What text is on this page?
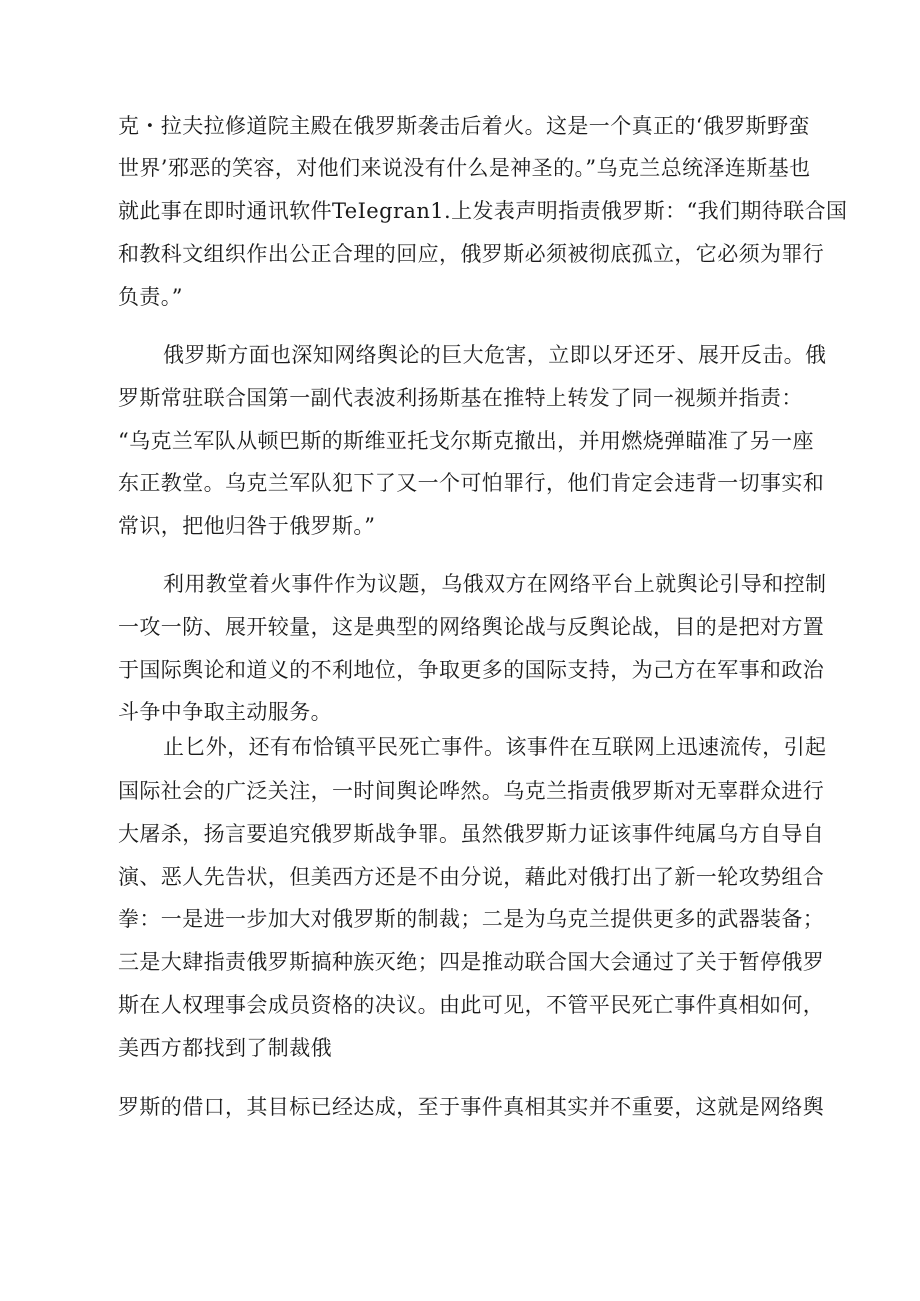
克・拉夫拉修道院主殿在俄罗斯袭击后着火。这是一个真正的‘俄罗斯野蛮
世界’邪恶的笑容，对他们来说没有什么是神圣的。”乌克兰总统泽连斯基也
就此事在即时通讯软件TeIegran1.上发表声明指责俄罗斯：“我们期待联合国
和教科文组织作出公正合理的回应，俄罗斯必须被彻底孤立，它必须为罪行
负责。”
俄罗斯方面也深知网络舆论的巨大危害，立即以牙还牙、展开反击。俄
罗斯常驻联合国第一副代表波利扬斯基在推特上转发了同一视频并指责：
“乌克兰军队从顿巴斯的斯维亚托戈尔斯克撤出，并用燃烧弹瞄准了另一座
东正教堂。乌克兰军队犯下了又一个可怕罪行，他们肯定会违背一切事实和
常识，把他归咎于俄罗斯。”
利用教堂着火事件作为议题，乌俄双方在网络平台上就舆论引导和控制
一攻一防、展开较量，这是典型的网络舆论战与反舆论战，目的是把对方置
于国际舆论和道义的不利地位，争取更多的国际支持，为己方在军事和政治
斗争中争取主动服务。
止匕外，还有布恰镇平民死亡事件。该事件在互联网上迅速流传，引起
国际社会的广泛关注，一时间舆论哗然。乌克兰指责俄罗斯对无辜群众进行
大屠杀，扬言要追究俄罗斯战争罪。虽然俄罗斯力证该事件纯属乌方自导自
演、恶人先告状，但美西方还是不由分说，藉此对俄打出了新一轮攻势组合
拳：一是进一步加大对俄罗斯的制裁；二是为乌克兰提供更多的武器装备；
三是大肆指责俄罗斯搞种族灭绝；四是推动联合国大会通过了关于暂停俄罗
斯在人权理事会成员资格的决议。由此可见，不管平民死亡事件真相如何，
美西方都找到了制裁俄
罗斯的借口，其目标已经达成，至于事件真相其实并不重要，这就是网络舆
